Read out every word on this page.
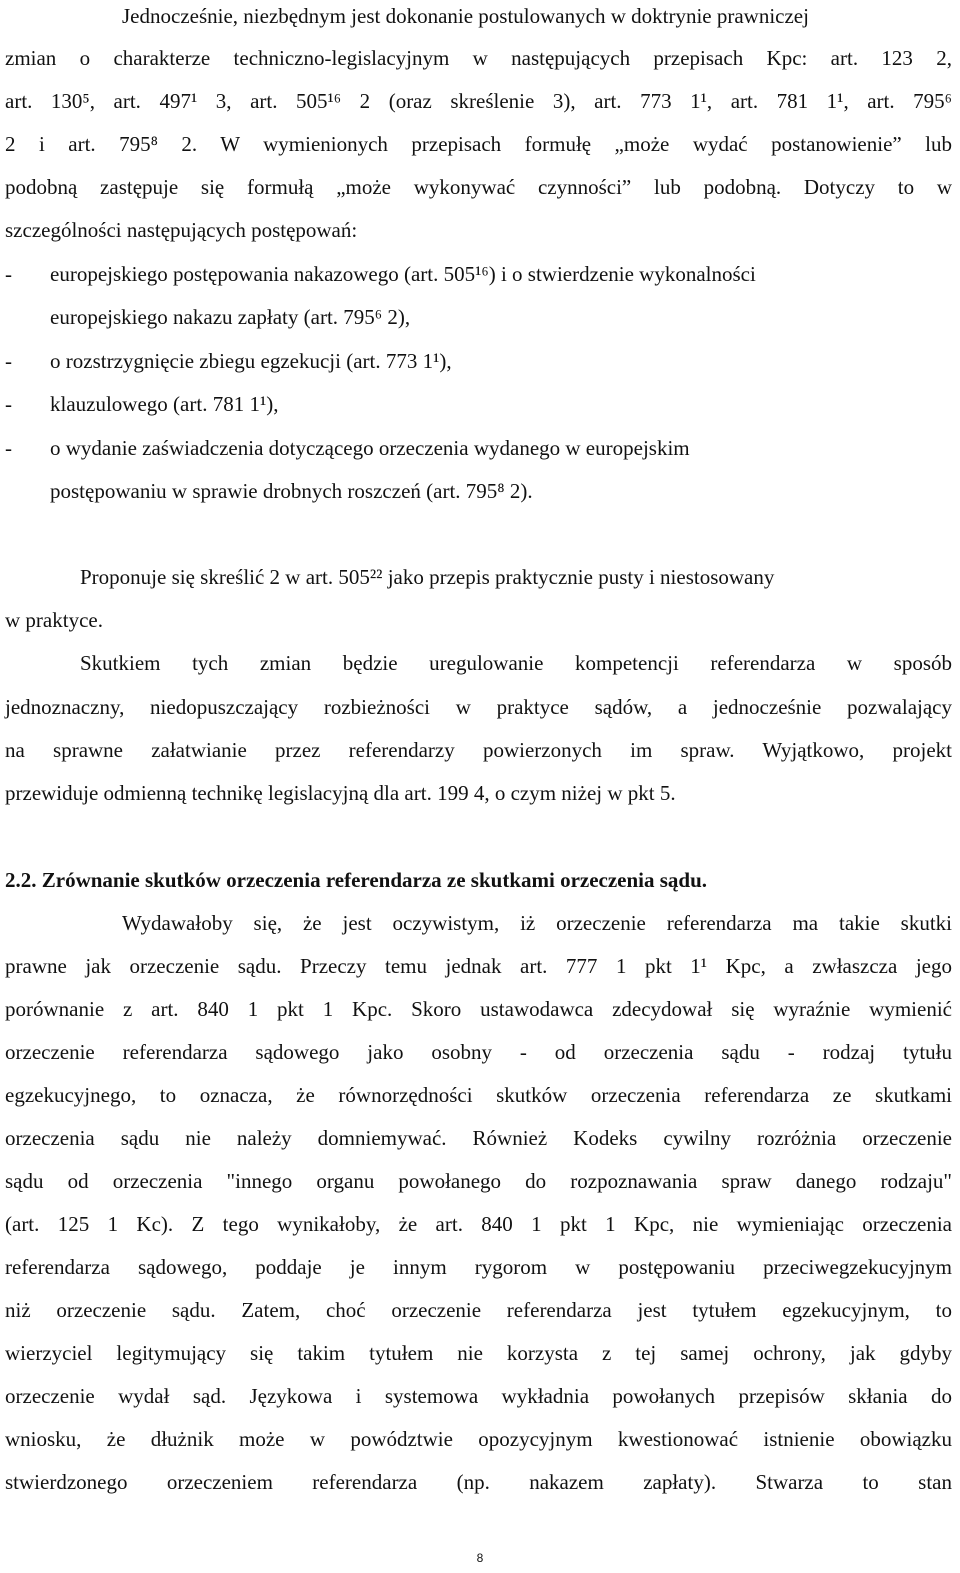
Jednocześnie, niezbędnym jest dokonanie postulowanych w doktrynie prawniczej
zmian o charakterze techniczno-legislacyjnym w następujących przepisach Kpc: art. 123 2,
art. 130⁵, art. 497¹ 3, art. 505¹⁶ 2 (oraz skreślenie 3), art. 773 1¹, art. 781 1¹, art. 795⁶
2 i art. 795⁸ 2. W wymienionych przepisach formułę „może wydać postanowienie” lub
podobną zastępuje się formułą „może wykonywać czynności” lub podobną. Dotyczy to w
szczególności następujących postępowań:
- europejskiego postępowania nakazowego (art. 505¹⁶) i o stwierdzenie wykonalności
europejskiego nakazu zapłaty (art. 795⁶ 2),
- o rozstrzygnięcie zbiegu egzekucji (art. 773 1¹),
- klauzulowego (art. 781 1¹),
- o wydanie zaświadczenia dotyczącego orzeczenia wydanego w europejskim
postępowaniu w sprawie drobnych roszczeń (art. 795⁸ 2).
Proponuje się skreślić 2 w art. 505²² jako przepis praktycznie pusty i niestosowany
w praktyce.
Skutkiem tych zmian będzie uregulowanie kompetencji referendarza w sposób
jednoznaczny, niedopuszczający rozbieżności w praktyce sądów, a jednocześnie pozwalający
na sprawne załatwianie przez referendarzy powierzonych im spraw. Wyjątkowo, projekt
przewiduje odmienną technikę legislacyjną dla art. 199 4, o czym niżej w pkt 5.
2.2. Zrównanie skutków orzeczenia referendarza ze skutkami orzeczenia sądu.
Wydawałoby się, że jest oczywistym, iż orzeczenie referendarza ma takie skutki
prawne jak orzeczenie sądu. Przeczy temu jednak art. 777 1 pkt 1¹ Kpc, a zwłaszcza jego
porównanie z art. 840 1 pkt 1 Kpc. Skoro ustawodawca zdecydował się wyraźnie wymienić
orzeczenie referendarza sądowego jako osobny - od orzeczenia sądu - rodzaj tytułu
egzekucyjnego, to oznacza, że równorzędności skutków orzeczenia referendarza ze skutkami
orzeczenia sądu nie należy domniemywać. Również Kodeks cywilny rozróżnia orzeczenie
sądu od orzeczenia "innego organu powołanego do rozpoznawania spraw danego rodzaju"
(art. 125 1 Kc). Z tego wynikałoby, że art. 840 1 pkt 1 Kpc, nie wymieniając orzeczenia
referendarza sądowego, poddaje je innym rygorom w postępowaniu przeciwegzekucyjnym
niż orzeczenie sądu. Zatem, choć orzeczenie referendarza jest tytułem egzekucyjnym, to
wierzyciel legitymujący się takim tytułem nie korzysta z tej samej ochrony, jak gdyby
orzeczenie wydał sąd. Językowa i systemowa wykładnia powołanych przepisów skłania do
wniosku, że dłużnik może w powództwie opozycyjnym kwestionować istnienie obowiązku
stwierdzonego orzeczeniem referendarza (np. nakazem zapłaty). Stwarza to stan
8
